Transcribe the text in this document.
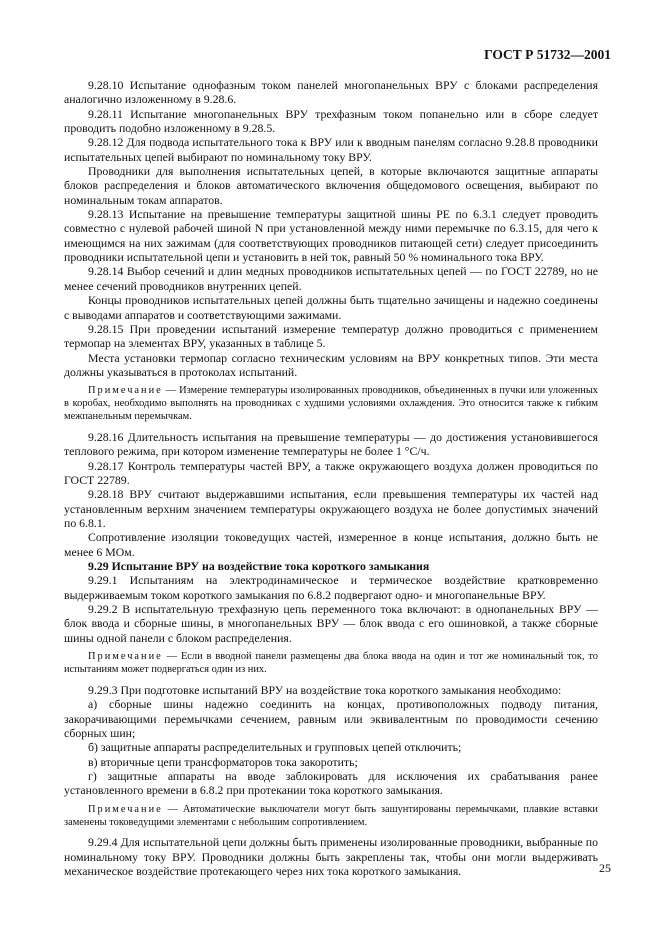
ГОСТ Р 51732—2001

9.28.10 Испытание однофазным током панелей многопанельных ВРУ с блоками распределения аналогично изложенному в 9.28.6.

9.28.11 Испытание многопанельных ВРУ трехфазным током попанельно или в сборе следует проводить подобно изложенному в 9.28.5.

9.28.12 Для подвода испытательного тока к ВРУ или к вводным панелям согласно 9.28.8 проводники испытательных цепей выбирают по номинальному току ВРУ.

Проводники для выполнения испытательных цепей, в которые включаются защитные аппараты блоков распределения и блоков автоматического включения общедомового освещения, выбирают по номинальным токам аппаратов.

9.28.13 Испытание на превышение температуры защитной шины PE по 6.3.1 следует проводить совместно с нулевой рабочей шиной N при установленной между ними перемычке по 6.3.15, для чего к имеющимся на них зажимам (для соответствующих проводников питающей сети) следует присоединить проводники испытательной цепи и установить в ней ток, равный 50 % номинального тока ВРУ.

9.28.14 Выбор сечений и длин медных проводников испытательных цепей — по ГОСТ 22789, но не менее сечений проводников внутренних цепей.

Концы проводников испытательных цепей должны быть тщательно зачищены и надежно соединены с выводами аппаратов и соответствующими зажимами.

9.28.15 При проведении испытаний измерение температур должно проводиться с применением термопар на элементах ВРУ, указанных в таблице 5.

Места установки термопар согласно техническим условиям на ВРУ конкретных типов. Эти места должны указываться в протоколах испытаний.

Примечание — Измерение температуры изолированных проводников, объединенных в пучки или уложенных в коробах, необходимо выполнять на проводниках с худшими условиями охлаждения. Это относится также к гибким межпанельным перемычкам.

9.28.16 Длительность испытания на превышение температуры — до достижения установившегося теплового режима, при котором изменение температуры не более 1 °С/ч.

9.28.17 Контроль температуры частей ВРУ, а также окружающего воздуха должен проводиться по ГОСТ 22789.

9.28.18 ВРУ считают выдержавшими испытания, если превышения температуры их частей над установленным верхним значением температуры окружающего воздуха не более допустимых значений по 6.8.1.

Сопротивление изоляции токоведущих частей, измеренное в конце испытания, должно быть не менее 6 МОм.

9.29 Испытание ВРУ на воздействие тока короткого замыкания

9.29.1 Испытаниям на электродинамическое и термическое воздействие кратковременно выдерживаемым током короткого замыкания по 6.8.2 подвергают одно- и многопанельные ВРУ.

9.29.2 В испытательную трехфазную цепь переменного тока включают: в однопанельных ВРУ — блок ввода и сборные шины, в многопанельных ВРУ — блок ввода с его ошиновкой, а также сборные шины одной панели с блоком распределения.

Примечание — Если в вводной панели размещены два блока ввода на один и тот же номинальный ток, то испытаниям может подвергаться один из них.

9.29.3 При подготовке испытаний ВРУ на воздействие тока короткого замыкания необходимо:

а) сборные шины надежно соединить на концах, противоположных подводу питания, закорачивающими перемычками сечением, равным или эквивалентным по проводимости сечению сборных шин;

б) защитные аппараты распределительных и групповых цепей отключить;

в) вторичные цепи трансформаторов тока закоротить;

г) защитные аппараты на вводе заблокировать для исключения их срабатывания ранее установленного времени в 6.8.2 при протекании тока короткого замыкания.

Примечание — Автоматические выключатели могут быть зашунтированы перемычками, плавкие вставки заменены токоведущими элементами с небольшим сопротивлением.

9.29.4 Для испытательной цепи должны быть применены изолированные проводники, выбранные по номинальному току ВРУ. Проводники должны быть закреплены так, чтобы они могли выдерживать механическое воздействие протекающего через них тока короткого замыкания.	25
